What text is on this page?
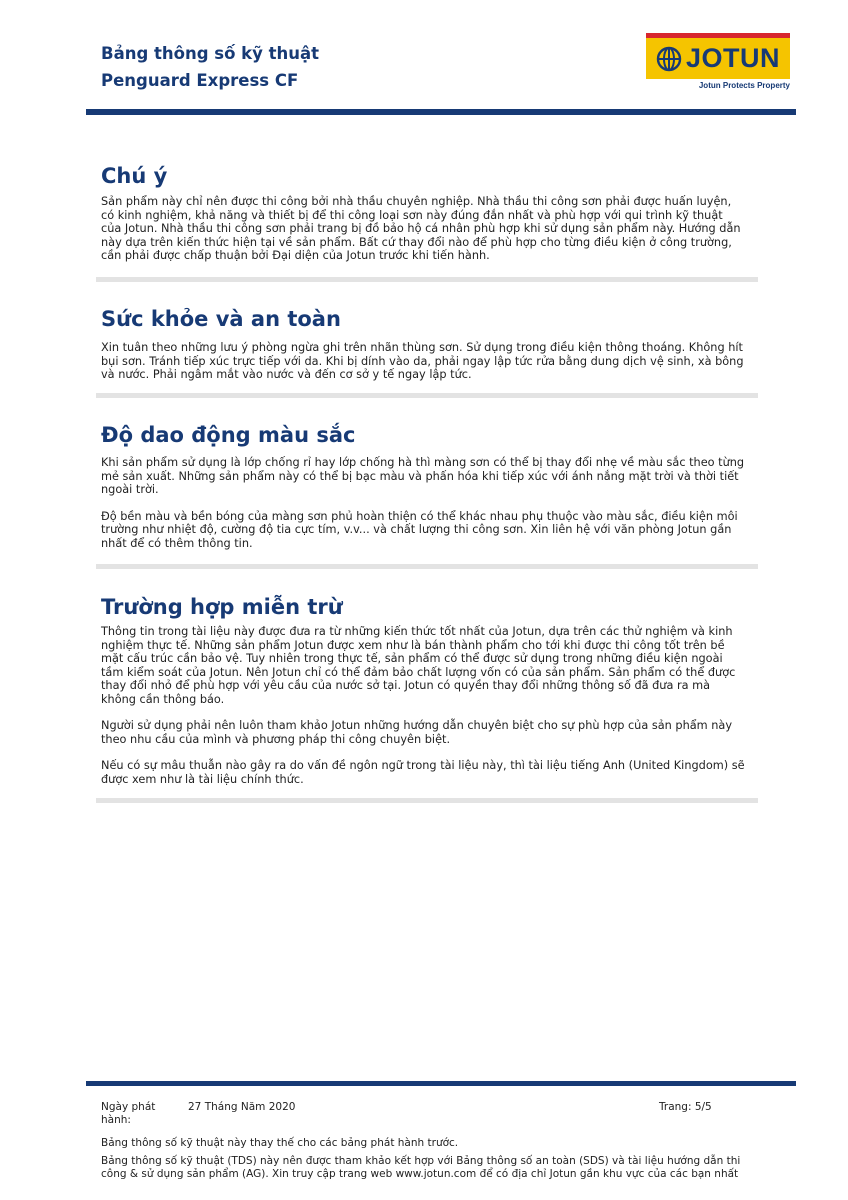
Bảng thông số kỹ thuật
Penguard Express CF
JOTUN
Jotun Protects Property
Chú ý

Sản phẩm này chỉ nên được thi công bởi nhà thầu chuyên nghiệp. Nhà thầu thi công sơn phải được huấn luyện, có kinh nghiệm, khả năng và thiết bị để thi công loại sơn này đúng đắn nhất và phù hợp với qui trình kỹ thuật của Jotun. Nhà thầu thi công sơn phải trang bị đồ bảo hộ cá nhân phù hợp khi sử dụng sản phẩm này. Hướng dẫn này dựa trên kiến thức hiện tại về sản phẩm. Bất cứ thay đổi nào để phù hợp cho từng điều kiện ở công trường, cần phải được chấp thuận bởi Đại diện của Jotun trước khi tiến hành.

Sức khỏe và an toàn

Xin tuân theo những lưu ý phòng ngừa ghi trên nhãn thùng sơn. Sử dụng trong điều kiện thông thoáng. Không hít bụi sơn. Tránh tiếp xúc trực tiếp với da. Khi bị dính vào da, phải ngay lập tức rửa bằng dung dịch vệ sinh, xà bông và nước. Phải ngâm mắt vào nước và đến cơ sở y tế ngay lập tức.

Độ dao động màu sắc

Khi sản phẩm sử dụng là lớp chống rỉ hay lớp chống hà thì màng sơn có thể bị thay đổi nhẹ về màu sắc theo từng mẻ sản xuất. Những sản phẩm này có thể bị bạc màu và phấn hóa khi tiếp xúc với ánh nắng mặt trời và thời tiết ngoài trời.

Độ bền màu và bền bóng của màng sơn phủ hoàn thiện có thể khác nhau phụ thuộc vào màu sắc, điều kiện môi trường như nhiệt độ, cường độ tia cực tím, v.v... và chất lượng thi công sơn. Xin liên hệ với văn phòng Jotun gần nhất để có thêm thông tin.

Trường hợp miễn trừ

Thông tin trong tài liệu này được đưa ra từ những kiến thức tốt nhất của Jotun, dựa trên các thử nghiệm và kinh nghiệm thực tế. Những sản phẩm Jotun được xem như là bán thành phẩm cho tới khi được thi công tốt trên bề mặt cấu trúc cần bảo vệ. Tuy nhiên trong thực tế, sản phẩm có thể được sử dụng trong những điều kiện ngoài tầm kiểm soát của Jotun. Nên Jotun chỉ có thể đảm bảo chất lượng vốn có của sản phẩm. Sản phẩm có thể được thay đổi nhỏ để phù hợp với yêu cầu của nước sở tại. Jotun có quyền thay đổi những thông số đã đưa ra mà không cần thông báo.

Người sử dụng phải nên luôn tham khảo Jotun những hướng dẫn chuyên biệt cho sự phù hợp của sản phẩm này theo nhu cầu của mình và phương pháp thi công chuyên biệt.

Nếu có sự mâu thuẫn nào gây ra do vấn đề ngôn ngữ trong tài liệu này, thì tài liệu tiếng Anh (United Kingdom) sẽ được xem như là tài liệu chính thức.

Ngày phát
hành:
27 Tháng Năm 2020	Trang: 5/5
Bảng thông số kỹ thuật này thay thế cho các bảng phát hành trước.
Bảng thông số kỹ thuật (TDS) này nên được tham khảo kết hợp với Bảng thông số an toàn (SDS) và tài liệu hướng dẫn thi
công & sử dụng sản phẩm (AG). Xin truy cập trang web www.jotun.com để có địa chỉ Jotun gần khu vực của các bạn nhất
